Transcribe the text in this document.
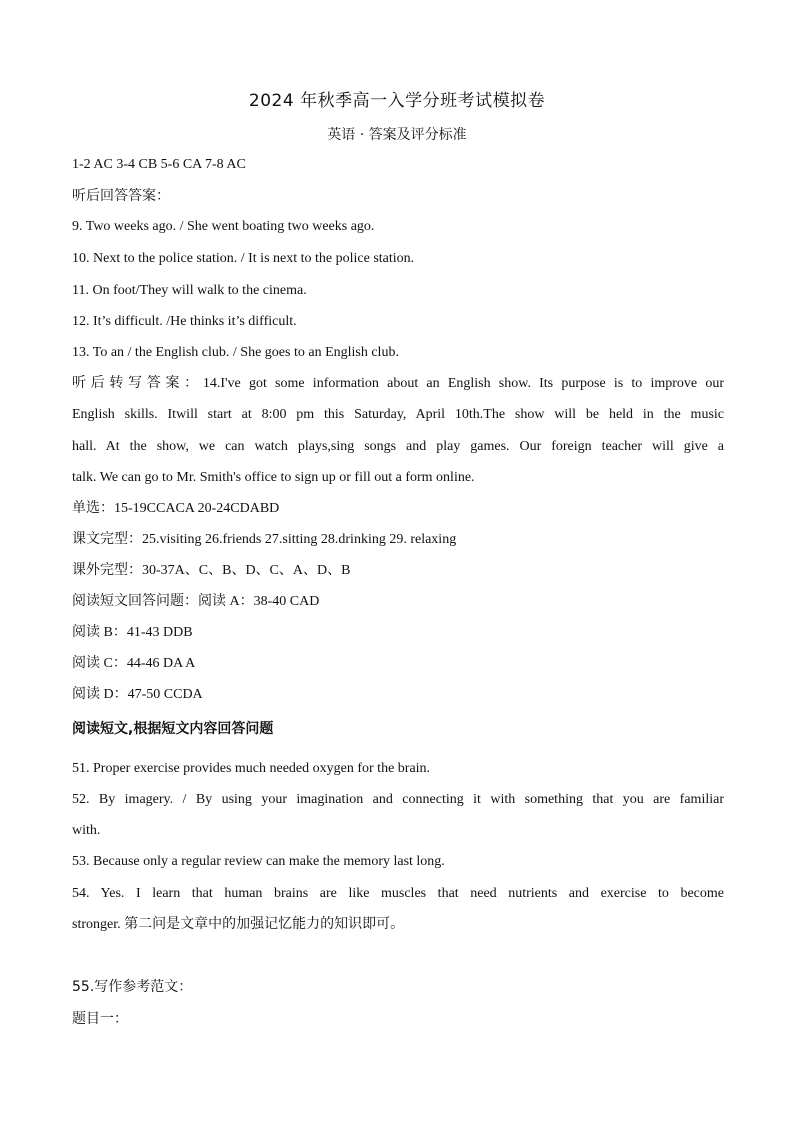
2024 年秋季高一入学分班考试模拟卷
英语 · 答案及评分标准
1-2 AC 3-4 CB 5-6 CA 7-8 AC
听后回答答案：
9. Two weeks ago. / She went boating two weeks ago.
10. Next to the police station. / It is next to the police station.
11. On foot/They will walk to the cinema.
12. It’s difficult. /He thinks it’s difficult.
13. To an / the English club. / She goes to an English club.
听后转写答案：14.I've got some information about an English show. Its purpose is to improve our
English skills. Itwill start at 8:00 pm this Saturday, April 10th.The show will be held in the music
hall. At the show, we can watch plays,sing songs and play games. Our foreign teacher will give a
talk. We can go to Mr. Smith's office to sign up or fill out a form online.
单选：15-19CCACA 20-24CDABD
课文完型：25.visiting 26.friends 27.sitting 28.drinking 29. relaxing
课外完型：30-37A、C、B、D、C、A、D、B
阅读短文回答问题：阅读 A：38-40 CAD
阅读 B：41-43 DDB
阅读 C：44-46 DA A
阅读 D：47-50 CCDA
阅读短文,根据短文内容回答问题
51. Proper exercise provides much needed oxygen for the brain.
52. By imagery. / By using your imagination and connecting it with something that you are familiar
with.
53. Because only a regular review can make the memory last long.
54. Yes. I learn that human brains are like muscles that need nutrients and exercise to become
stronger. 第二问是文章中的加强记忆能力的知识即可。
55.写作参考范文：
题目一：
